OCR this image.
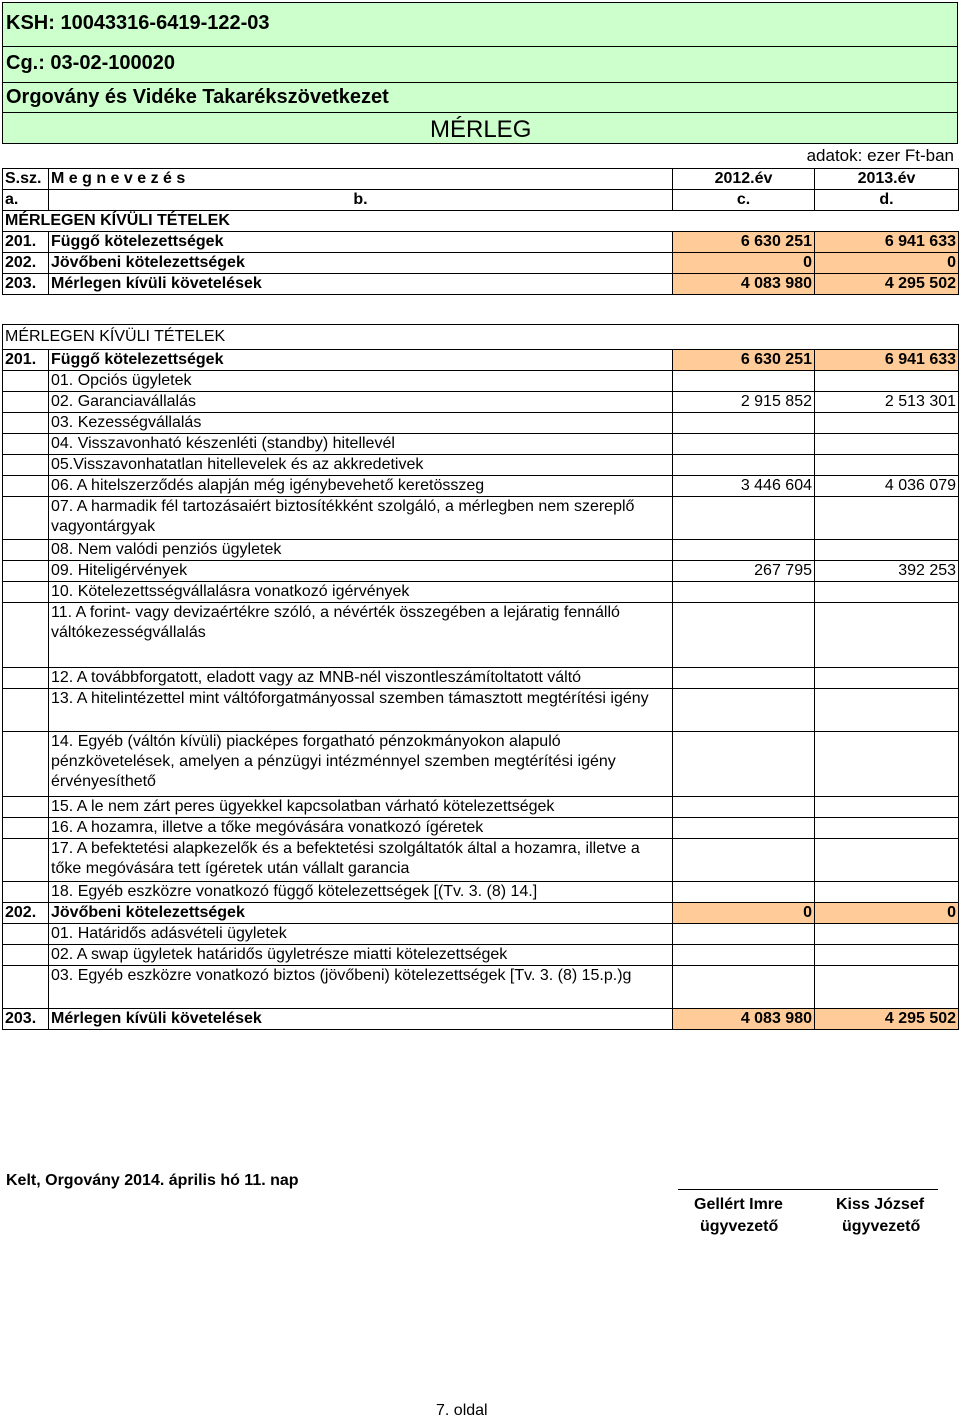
KSH: 10043316-6419-122-03
Cg.: 03-02-100020
Orgovány és Vidéke Takarékszövetkezet
MÉRLEG
adatok: ezer Ft-ban
S.sz.	M e g n e v e z é s	2012.év	2013.év
a.	b.	c.	d.
MÉRLEGEN KÍVÜLI TÉTELEK			
201.	Függő kötelezettségek	6 630 251	6 941 633
202.	Jövőbeni kötelezettségek	0	0
203.	Mérlegen kívüli követelések	4 083 980	4 295 502
MÉRLEGEN KÍVÜLI TÉTELEK			
201.	Függő kötelezettségek	6 630 251	6 941 633
	01. Opciós ügyletek		
	02. Garanciavállalás	2 915 852	2 513 301
	03. Kezességvállalás		
	04. Visszavonható készenléti (standby) hitellevél		
	05.Visszavonhatatlan hitellevelek és az akkredetivek		
	06. A hitelszerződés alapján még igénybevehető keretösszeg	3 446 604	4 036 079
	07. A harmadik fél tartozásaiért biztosítékként szolgáló, a mérlegben nem szereplő vagyontárgyak		
	08. Nem valódi penziós ügyletek		
	09. Hiteligérvények	267 795	392 253
	10. Kötelezettsségvállalásra vonatkozó igérvények		
	11. A forint- vagy devizaértékre szóló, a névérték összegében a lejáratig fennálló váltókezességvállalás		
	12. A továbbforgatott, eladott vagy az MNB-nél viszontleszámítoltatott váltó		
	13. A hitelintézettel mint váltóforgatmányossal szemben támasztott megtérítési igény		
	14. Egyéb (váltón kívüli) piacképes forgatható pénzokmányokon alapuló pénzkövetelések, amelyen a pénzügyi intézménnyel szemben megtérítési igény érvényesíthető		
	15. A le nem zárt peres ügyekkel kapcsolatban várható kötelezettségek		
	16. A hozamra, illetve a tőke megóvására vonatkozó ígéretek		
	17. A befektetési alapkezelők és a befektetési szolgáltatók által a hozamra, illetve a tőke megóvására tett ígéretek után vállalt garancia		
	18. Egyéb eszközre vonatkozó függő kötelezettségek [(Tv. 3. (8) 14.]		
202.	Jövőbeni kötelezettségek	0	0
	01. Határidős adásvételi ügyletek		
	02. A swap ügyletek határidős ügyletrésze miatti kötelezettségek		
	03. Egyéb eszközre vonatkozó biztos (jövőbeni) kötelezettségek [Tv. 3. (8) 15.p.)g		
203.	Mérlegen kívüli követelések	4 083 980	4 295 502
Kelt, Orgovány 2014. április hó 11. nap
Gellért Imre
ügyvezető
Kiss József
ügyvezető
7. oldal
